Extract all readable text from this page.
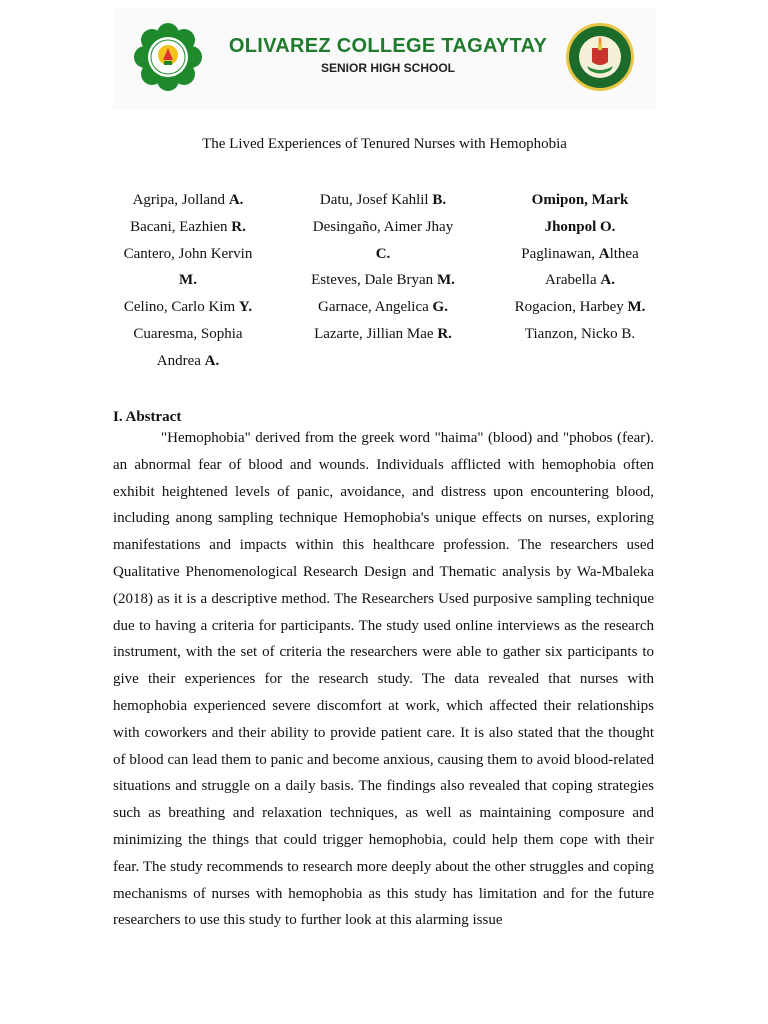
OLIVAREZ COLLEGE TAGAYTAY
SENIOR HIGH SCHOOL
The Lived Experiences of Tenured Nurses with Hemophobia
Agripa, Jolland A.
Bacani, Eazhien R.
Cantero, John Kervin
M.
Celino, Carlo Kim Y.
Cuaresma, Sophia
Andrea A.
Datu, Josef Kahlil B.
Desingaño, Aimer Jhay
C.
Esteves, Dale Bryan M.
Garnace, Angelica G.
Lazarte, Jillian Mae R.
Omipon, Mark
Jhonpol O.
Paglinawan, Althea
Arabella A.
Rogacion, Harbey M.
Tianzon, Nicko B.
I. Abstract

"Hemophobia" derived from the greek word "haima" (blood) and "phobos (fear). an abnormal fear of blood and wounds. Individuals afflicted with hemophobia often exhibit heightened levels of panic, avoidance, and distress upon encountering blood, including anong sampling technique Hemophobia's unique effects on nurses, exploring manifestations and impacts within this healthcare profession. The researchers used Qualitative Phenomenological Research Design and Thematic analysis by Wa-Mbaleka (2018) as it is a descriptive method. The Researchers Used purposive sampling technique due to having a criteria for participants. The study used online interviews as the research instrument, with the set of criteria the researchers were able to gather six participants to give their experiences for the research study. The data revealed that nurses with hemophobia experienced severe discomfort at work, which affected their relationships with coworkers and their ability to provide patient care. It is also stated that the thought of blood can lead them to panic and become anxious, causing them to avoid blood-related situations and struggle on a daily basis. The findings also revealed that coping strategies such as breathing and relaxation techniques, as well as maintaining composure and minimizing the things that could trigger hemophobia, could help them cope with their fear. The study recommends to research more deeply about the other struggles and coping mechanisms of nurses with hemophobia as this study has limitation and for the future researchers to use this study to further look at this alarming issue
